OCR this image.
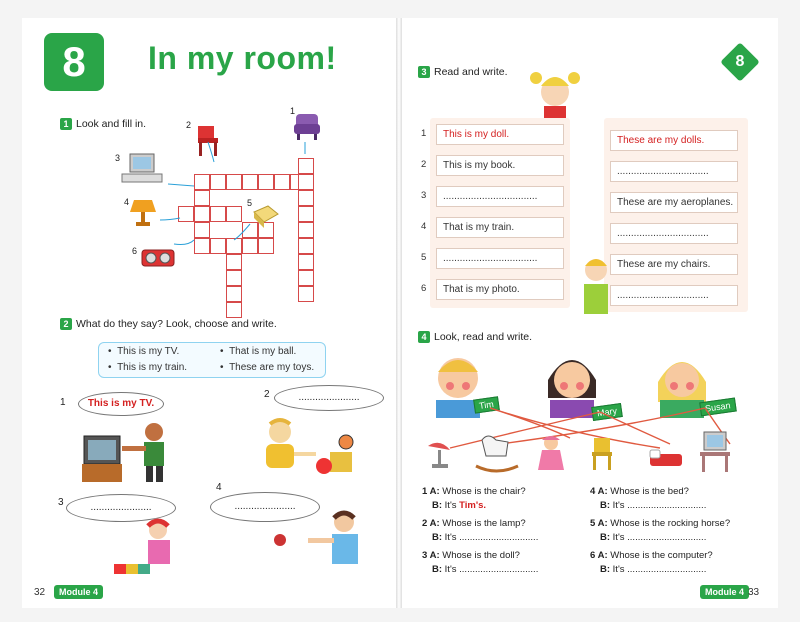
8	In my room!	8
1 Look and fill in.
1
2
3
4	5
6
2 What do they say? Look, choose and write.
•  This is my TV.	•  That is my ball.
•  This is my train.	•  These are my toys.
1	This is my TV.
2	......................
3	......................
4
......................
3 Read and write.
1	This is my doll.
2	This is my book.
3	..................................
4	That is my train.
5	..................................
6	That is my photo.
These are my dolls.
.................................
These are my aeroplanes.
.................................
These are my chairs.
.................................
4 Look, read and write.
Tim
Mary	Susan
1 A: Whose is the chair?
B: It's Tim's.
2 A: Whose is the lamp?
B: It's ..............................
3 A: Whose is the doll?
B: It's ..............................
4 A: Whose is the bed?
B: It's ..............................
5 A: Whose is the rocking horse?
B: It's ..............................
6 A: Whose is the computer?
B: It's ..............................
32	Module 4	Module 4 33
